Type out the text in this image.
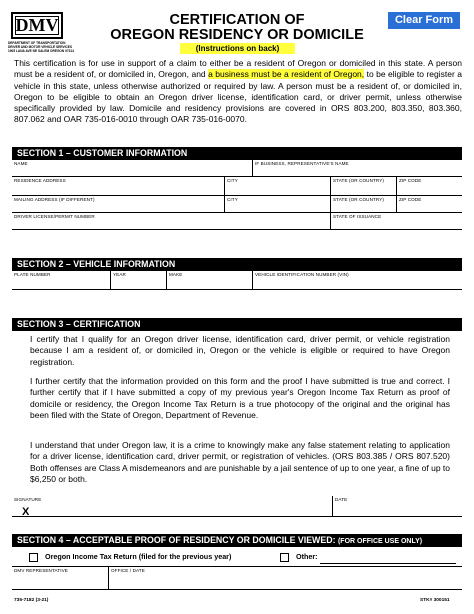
DMV
DEPARTMENT OF TRANSPORTATION
DRIVER AND MOTOR VEHICLE SERVICES
1905 LANA AVE NE SALEM OREGON 97314
CERTIFICATION OF
OREGON RESIDENCY OR DOMICILE
(Instructions on back)
Clear Form
This certification is for use in support of a claim to either be a resident of Oregon or domiciled in this state. A person must be a resident of, or domiciled in, Oregon, and a business must be a resident of Oregon, to be eligible to register a vehicle in this state, unless otherwise authorized or required by law. A person must be a resident of, or domiciled in, Oregon to be eligible to obtain an Oregon driver license, identification card, or driver permit, unless otherwise specifically provided by law. Domicile and residency provisions are covered in ORS 803.200, 803.350, 803.360, 807.062 and OAR 735-016-0010 through OAR 735-016-0070.
SECTION 1 – CUSTOMER INFORMATION
NAME	IF BUSINESS, REPRESENTATIVE'S NAME
RESIDENCE ADDRESS	CITY	STATE (OR COUNTRY)	ZIP CODE
MAILING ADDRESS (IF DIFFERENT)	CITY	STATE (OR COUNTRY)	ZIP CODE
DRIVER LICENSE/PERMIT NUMBER	STATE OF ISSUANCE
SECTION 2 – VEHICLE INFORMATION
PLATE NUMBER	YEAR	MAKE	VEHICLE IDENTIFICATION NUMBER (VIN)
SECTION 3 – CERTIFICATION
I certify that I qualify for an Oregon driver license, identification card, driver permit, or vehicle registration because I am a resident of, or domiciled in, Oregon or the vehicle is eligible or required to have Oregon registration.
I further certify that the information provided on this form and the proof I have submitted is true and correct. I further certify that if I have submitted a copy of my previous year's Oregon Income Tax Return as proof of domicile or residency, the Oregon Income Tax Return is a true photocopy of the original and the original has been filed with the State of Oregon, Department of Revenue.
I understand that under Oregon law, it is a crime to knowingly make any false statement relating to application for a driver license, identification card, driver permit, or registration of vehicles. (ORS 803.385 / ORS 807.520) Both offenses are Class A misdemeanors and are punishable by a jail sentence of up to one year, a fine of up to $6,250 or both.
SIGNATURE	DATE
X
SECTION 4 – ACCEPTABLE PROOF OF RESIDENCY OR DOMICILE VIEWED: (FOR OFFICE USE ONLY)
Oregon Income Tax Return (filed for the previous year)	Other:
DMV REPRESENTATIVE	OFFICE / DATE
735-7182 (3-21)	STK# 300151
